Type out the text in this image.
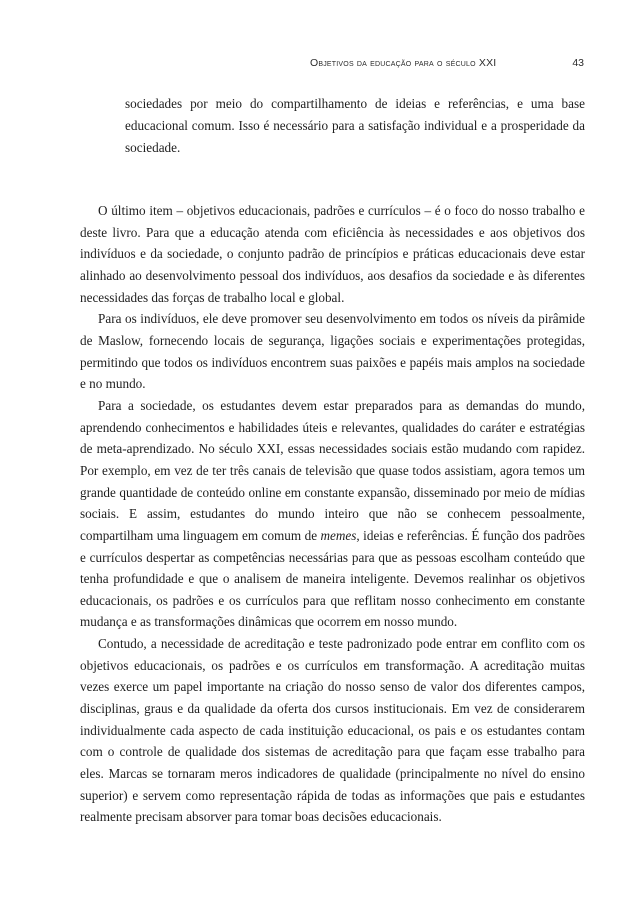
Objetivos da educação para o século XXI	43
sociedades por meio do compartilhamento de ideias e referências, e uma base educacional comum. Isso é necessário para a satisfação individual e a prosperidade da sociedade.

O último item – objetivos educacionais, padrões e currículos – é o foco do nosso trabalho e deste livro. Para que a educação atenda com eficiência às necessidades e aos objetivos dos indivíduos e da sociedade, o conjunto padrão de princípios e práticas educacionais deve estar alinhado ao desenvolvimento pessoal dos indivíduos, aos desafios da sociedade e às diferentes necessidades das forças de trabalho local e global.

Para os indivíduos, ele deve promover seu desenvolvimento em todos os níveis da pirâmide de Maslow, fornecendo locais de segurança, ligações sociais e experimentações protegidas, permitindo que todos os indivíduos encontrem suas paixões e papéis mais amplos na sociedade e no mundo.

Para a sociedade, os estudantes devem estar preparados para as demandas do mundo, aprendendo conhecimentos e habilidades úteis e relevantes, qualidades do caráter e estratégias de meta-aprendizado. No século XXI, essas necessidades sociais estão mudando com rapidez. Por exemplo, em vez de ter três canais de televisão que quase todos assistiam, agora temos um grande quantidade de conteúdo online em constante expansão, disseminado por meio de mídias sociais. E assim, estudantes do mundo inteiro que não se conhecem pessoalmente, compartilham uma linguagem em comum de memes, ideias e referências. É função dos padrões e currículos despertar as competências necessárias para que as pessoas escolham conteúdo que tenha profundidade e que o analisem de maneira inteligente. Devemos realinhar os objetivos educacionais, os padrões e os currículos para que reflitam nosso conhecimento em constante mudança e as transformações dinâmicas que ocorrem em nosso mundo.

Contudo, a necessidade de acreditação e teste padronizado pode entrar em conflito com os objetivos educacionais, os padrões e os currículos em transformação. A acreditação muitas vezes exerce um papel importante na criação do nosso senso de valor dos diferentes campos, disciplinas, graus e da qualidade da oferta dos cursos institucionais. Em vez de considerarem individualmente cada aspecto de cada instituição educacional, os pais e os estudantes contam com o controle de qualidade dos sistemas de acreditação para que façam esse trabalho para eles. Marcas se tornaram meros indicadores de qualidade (principalmente no nível do ensino superior) e servem como representação rápida de todas as informações que pais e estudantes realmente precisam absorver para tomar boas decisões educacionais.
